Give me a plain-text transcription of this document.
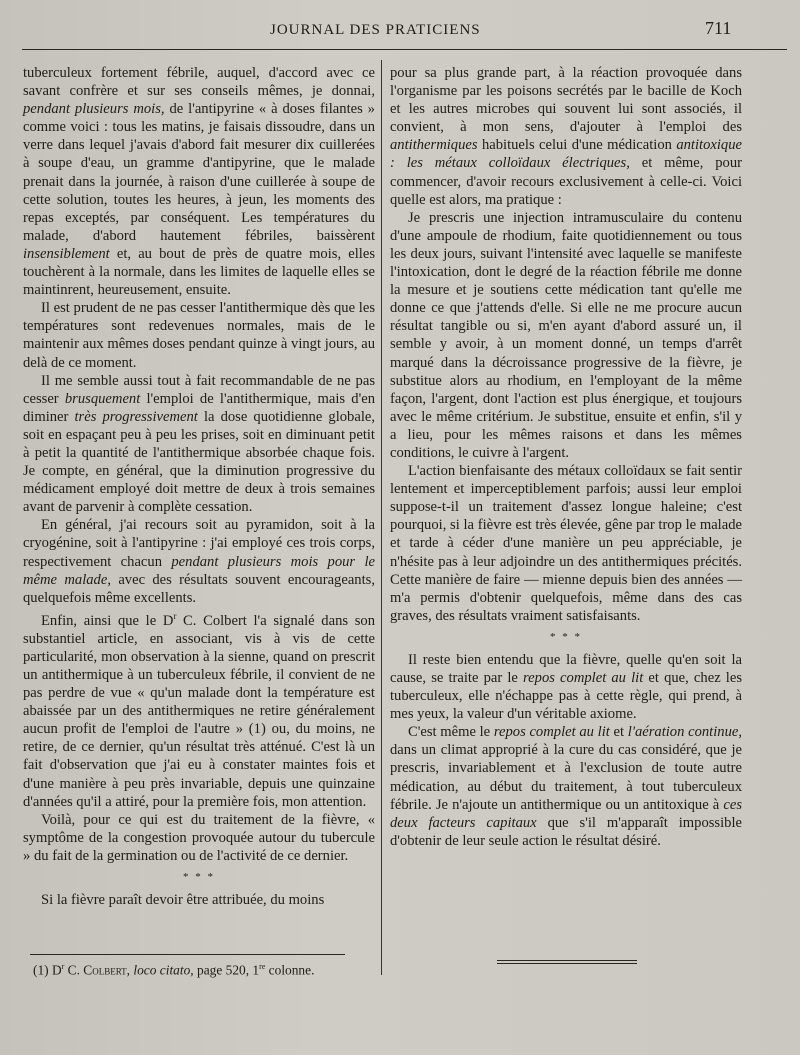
JOURNAL DES PRATICIENS	711

tuberculeux fortement fébrile, auquel, d'accord avec ce savant confrère et sur ses conseils mêmes, je donnai, pendant plusieurs mois, de l'antipyrine « à doses filantes » comme voici : tous les matins, je faisais dissoudre, dans un verre dans lequel j'avais d'abord fait mesurer dix cuillerées à soupe d'eau, un gramme d'antipyrine, que le malade prenait dans la journée, à raison d'une cuillerée à soupe de cette solution, toutes les heures, à jeun, les moments des repas exceptés, par conséquent. Les températures du malade, d'abord hautement fébriles, baissèrent insensiblement et, au bout de près de quatre mois, elles touchèrent à la normale, dans les limites de laquelle elles se maintinrent, heureusement, ensuite.

Il est prudent de ne pas cesser l'antithermique dès que les températures sont redevenues normales, mais de le maintenir aux mêmes doses pendant quinze à vingt jours, au delà de ce moment.

Il me semble aussi tout à fait recommandable de ne pas cesser brusquement l'emploi de l'antithermique, mais d'en diminer très progressivement la dose quotidienne globale, soit en espaçant peu à peu les prises, soit en diminuant petit à petit la quantité de l'antithermique absorbée chaque fois. Je compte, en général, que la diminution progressive du médicament employé doit mettre de deux à trois semaines avant de parvenir à complète cessation.

En général, j'ai recours soit au pyramidon, soit à la cryogénine, soit à l'antipyrine : j'ai employé ces trois corps, respectivement chacun pendant plusieurs mois pour le même malade, avec des résultats souvent encourageants, quelquefois même excellents.

Enfin, ainsi que le $D^r$ C. Colbert l'a signalé dans son substantiel article, en associant, vis à vis de cette particularité, mon observation à la sienne, quand on prescrit un antithermique à un tuberculeux fébrile, il convient de ne pas perdre de vue « qu'un malade dont la température est abaissée par un des antithermiques ne retire généralement aucun profit de l'emploi de l'autre » (1) ou, du moins, ne retire, de ce dernier, qu'un résultat très atténué. C'est là un fait d'observation que j'ai eu à constater maintes fois et d'une manière à peu près invariable, depuis une quinzaine d'années qu'il a attiré, pour la première fois, mon attention.

Voilà, pour ce qui est du traitement de la fièvre, « symptôme de la congestion provoquée autour du tubercule » du fait de la germination ou de l'activité de ce dernier.

* * *

Si la fièvre paraît devoir être attribuée, du moins

pour sa plus grande part, à la réaction provoquée dans l'organisme par les poisons secrétés par le bacille de Koch et les autres microbes qui souvent lui sont associés, il convient, à mon sens, d'ajouter à l'emploi des antithermiques habituels celui d'une médication antitoxique : les métaux colloïdaux électriques, et même, pour commencer, d'avoir recours exclusivement à celle-ci. Voici quelle est alors, ma pratique :

Je prescris une injection intramusculaire du contenu d'une ampoule de rhodium, faite quotidiennement ou tous les deux jours, suivant l'intensité avec laquelle se manifeste l'intoxication, dont le degré de la réaction fébrile me donne la mesure et je soutiens cette médication tant qu'elle me donne ce que j'attends d'elle. Si elle ne me procure aucun résultat tangible ou si, m'en ayant d'abord assuré un, il semble y avoir, à un moment donné, un temps d'arrêt marqué dans la décroissance progressive de la fièvre, je substitue alors au rhodium, en l'employant de la même façon, l'argent, dont l'action est plus énergique, et toujours avec le même critérium. Je substitue, ensuite et enfin, s'il y a lieu, pour les mêmes raisons et dans les mêmes conditions, le cuivre à l'argent.

L'action bienfaisante des métaux colloïdaux se fait sentir lentement et imperceptiblement parfois; aussi leur emploi suppose-t-il un traitement d'assez longue haleine; c'est pourquoi, si la fièvre est très élevée, gêne par trop le malade et tarde à céder d'une manière un peu appréciable, je n'hésite pas à leur adjoindre un des antithermiques précités. Cette manière de faire — mienne depuis bien des années — m'a permis d'obtenir quelquefois, même dans des cas graves, des résultats vraiment satisfaisants.

* * *

Il reste bien entendu que la fièvre, quelle qu'en soit la cause, se traite par le repos complet au lit et que, chez les tuberculeux, elle n'échappe pas à cette règle, qui prend, à mes yeux, la valeur d'un véritable axiome.

C'est même le repos complet au lit et l'aération continue, dans un climat approprié à la cure du cas considéré, que je prescris, invariablement et à l'exclusion de toute autre médication, au début du traitement, à tout tuberculeux fébrile. Je n'ajoute un antithermique ou un antitoxique à ces deux facteurs capitaux que s'il m'apparaît impossible d'obtenir de leur seule action le résultat désiré.

(1) $D^r$ C. Colbert, loco citato, page 520, 1re colonne.
